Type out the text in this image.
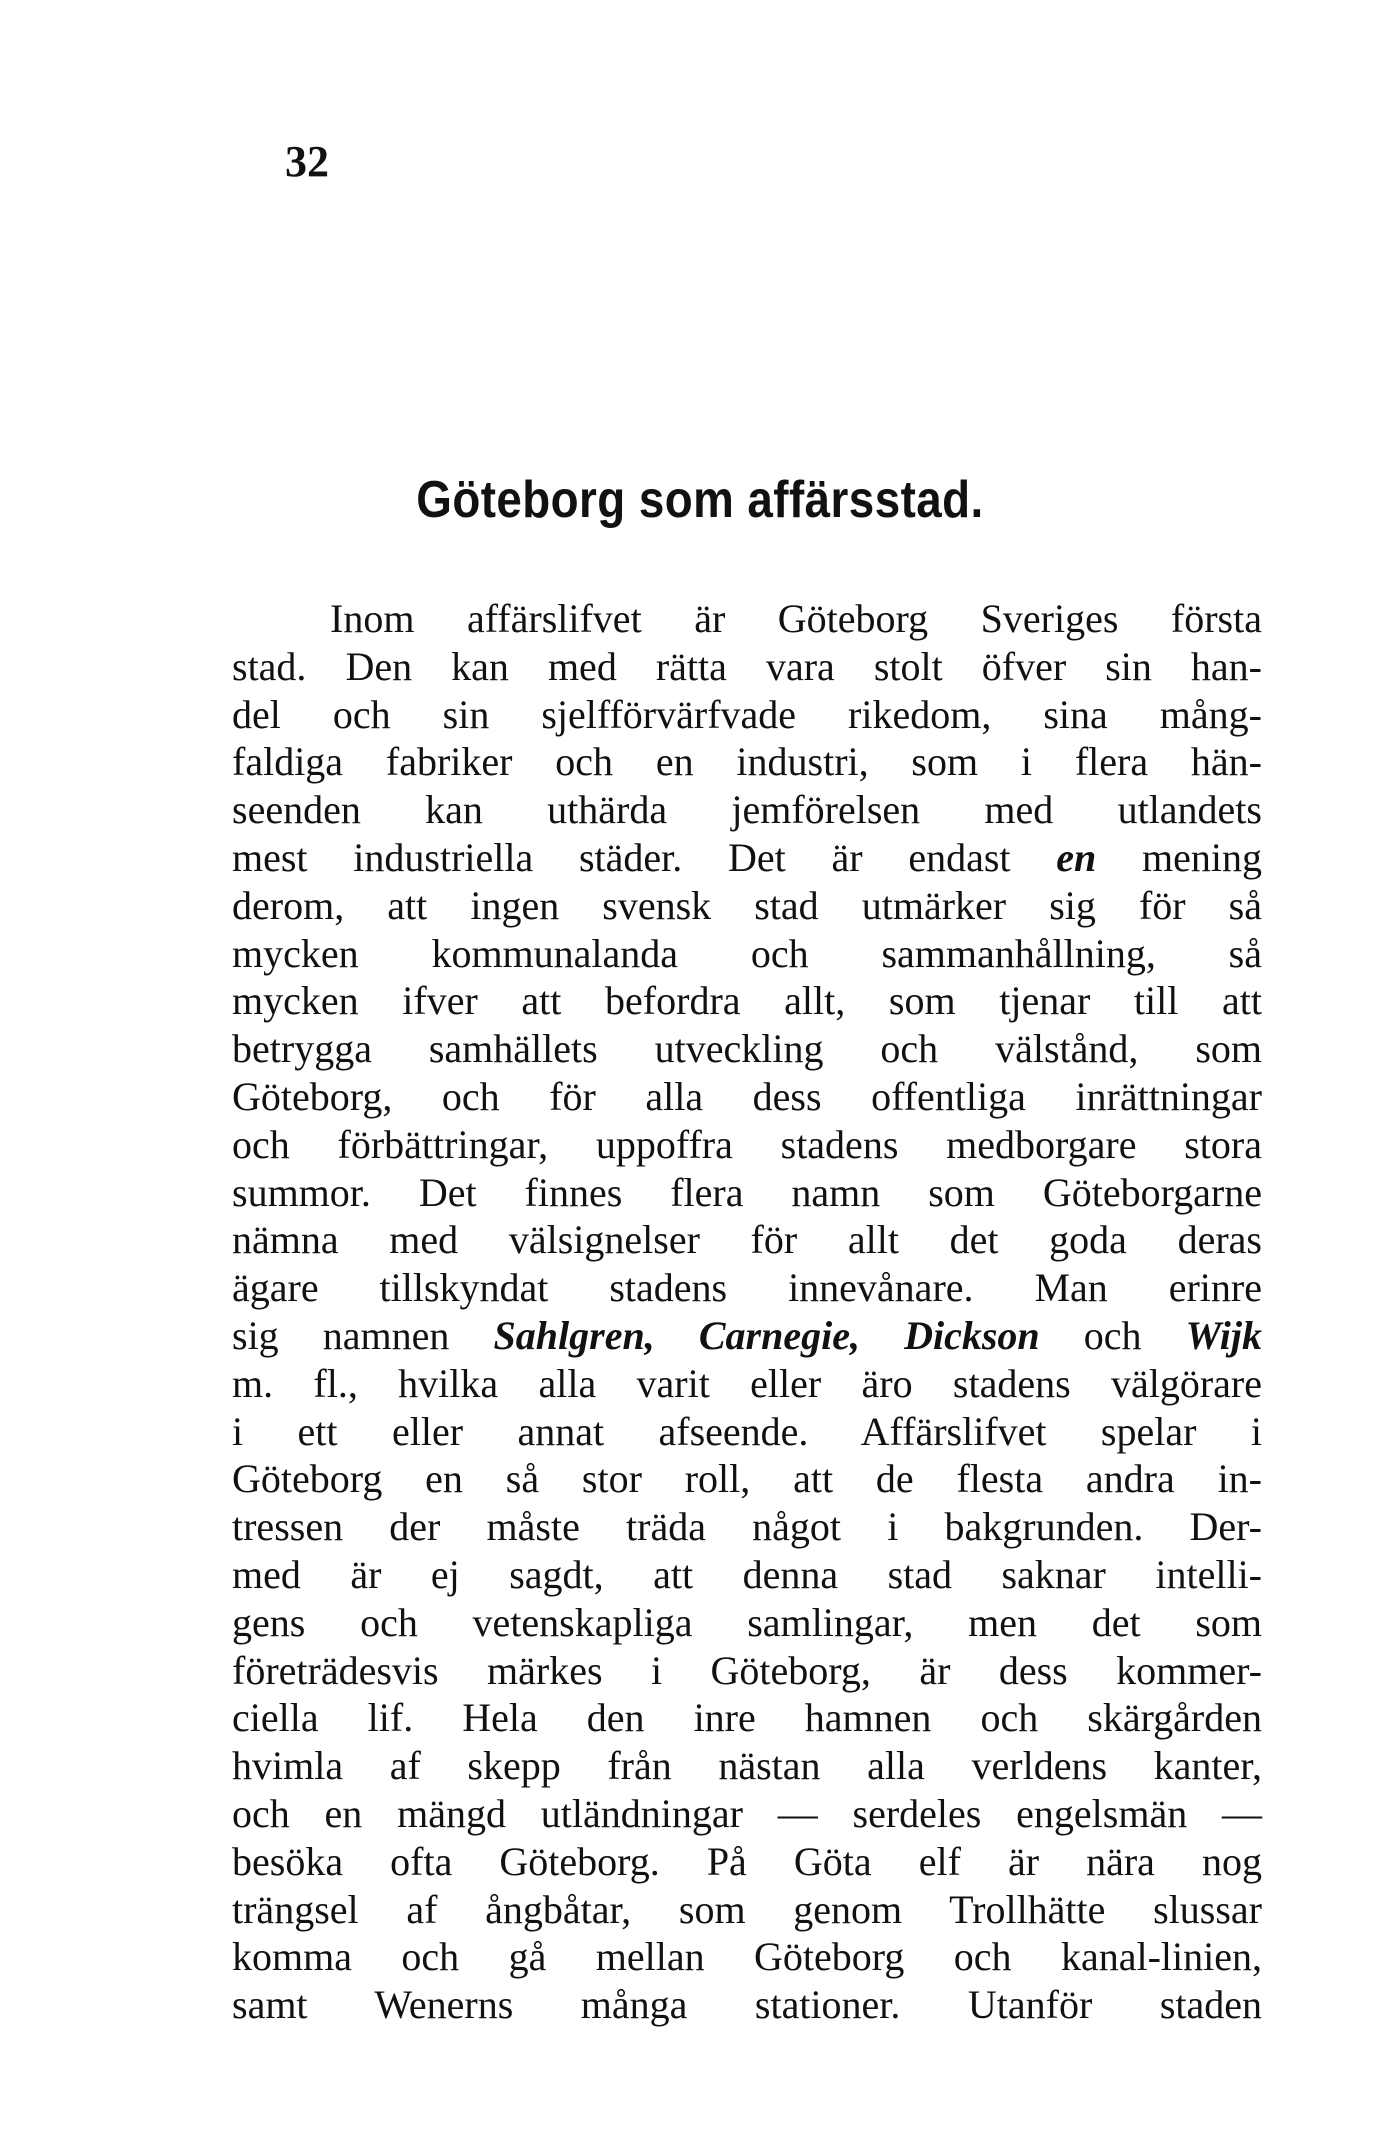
32
Göteborg som affärsstad.
Inom affärslifvet är Göteborg Sveriges första
stad. Den kan med rätta vara stolt öfver sin han-
del och sin sjelfförvärfvade rikedom, sina mång-
faldiga fabriker och en industri, som i flera hän-
seenden kan uthärda jemförelsen med utlandets
mest industriella städer. Det är endast en mening
derom, att ingen svensk stad utmärker sig för så
mycken kommunalanda och sammanhållning, så
mycken ifver att befordra allt, som tjenar till att
betrygga samhällets utveckling och välstånd, som
Göteborg, och för alla dess offentliga inrättningar
och förbättringar, uppoffra stadens medborgare stora
summor. Det finnes flera namn som Göteborgarne
nämna med välsignelser för allt det goda deras
ägare tillskyndat stadens innevånare. Man erinre
sig namnen Sahlgren, Carnegie, Dickson och Wijk
m. fl., hvilka alla varit eller äro stadens välgörare
i ett eller annat afseende. Affärslifvet spelar i
Göteborg en så stor roll, att de flesta andra in-
tressen der måste träda något i bakgrunden. Der-
med är ej sagdt, att denna stad saknar intelli-
gens och vetenskapliga samlingar, men det som
företrädesvis märkes i Göteborg, är dess kommer-
ciella lif. Hela den inre hamnen och skärgården
hvimla af skepp från nästan alla verldens kanter,
och en mängd utländningar — serdeles engelsmän —
besöka ofta Göteborg. På Göta elf är nära nog
trängsel af ångbåtar, som genom Trollhätte slussar
komma och gå mellan Göteborg och kanal-linien,
samt Wenerns många stationer. Utanför staden
